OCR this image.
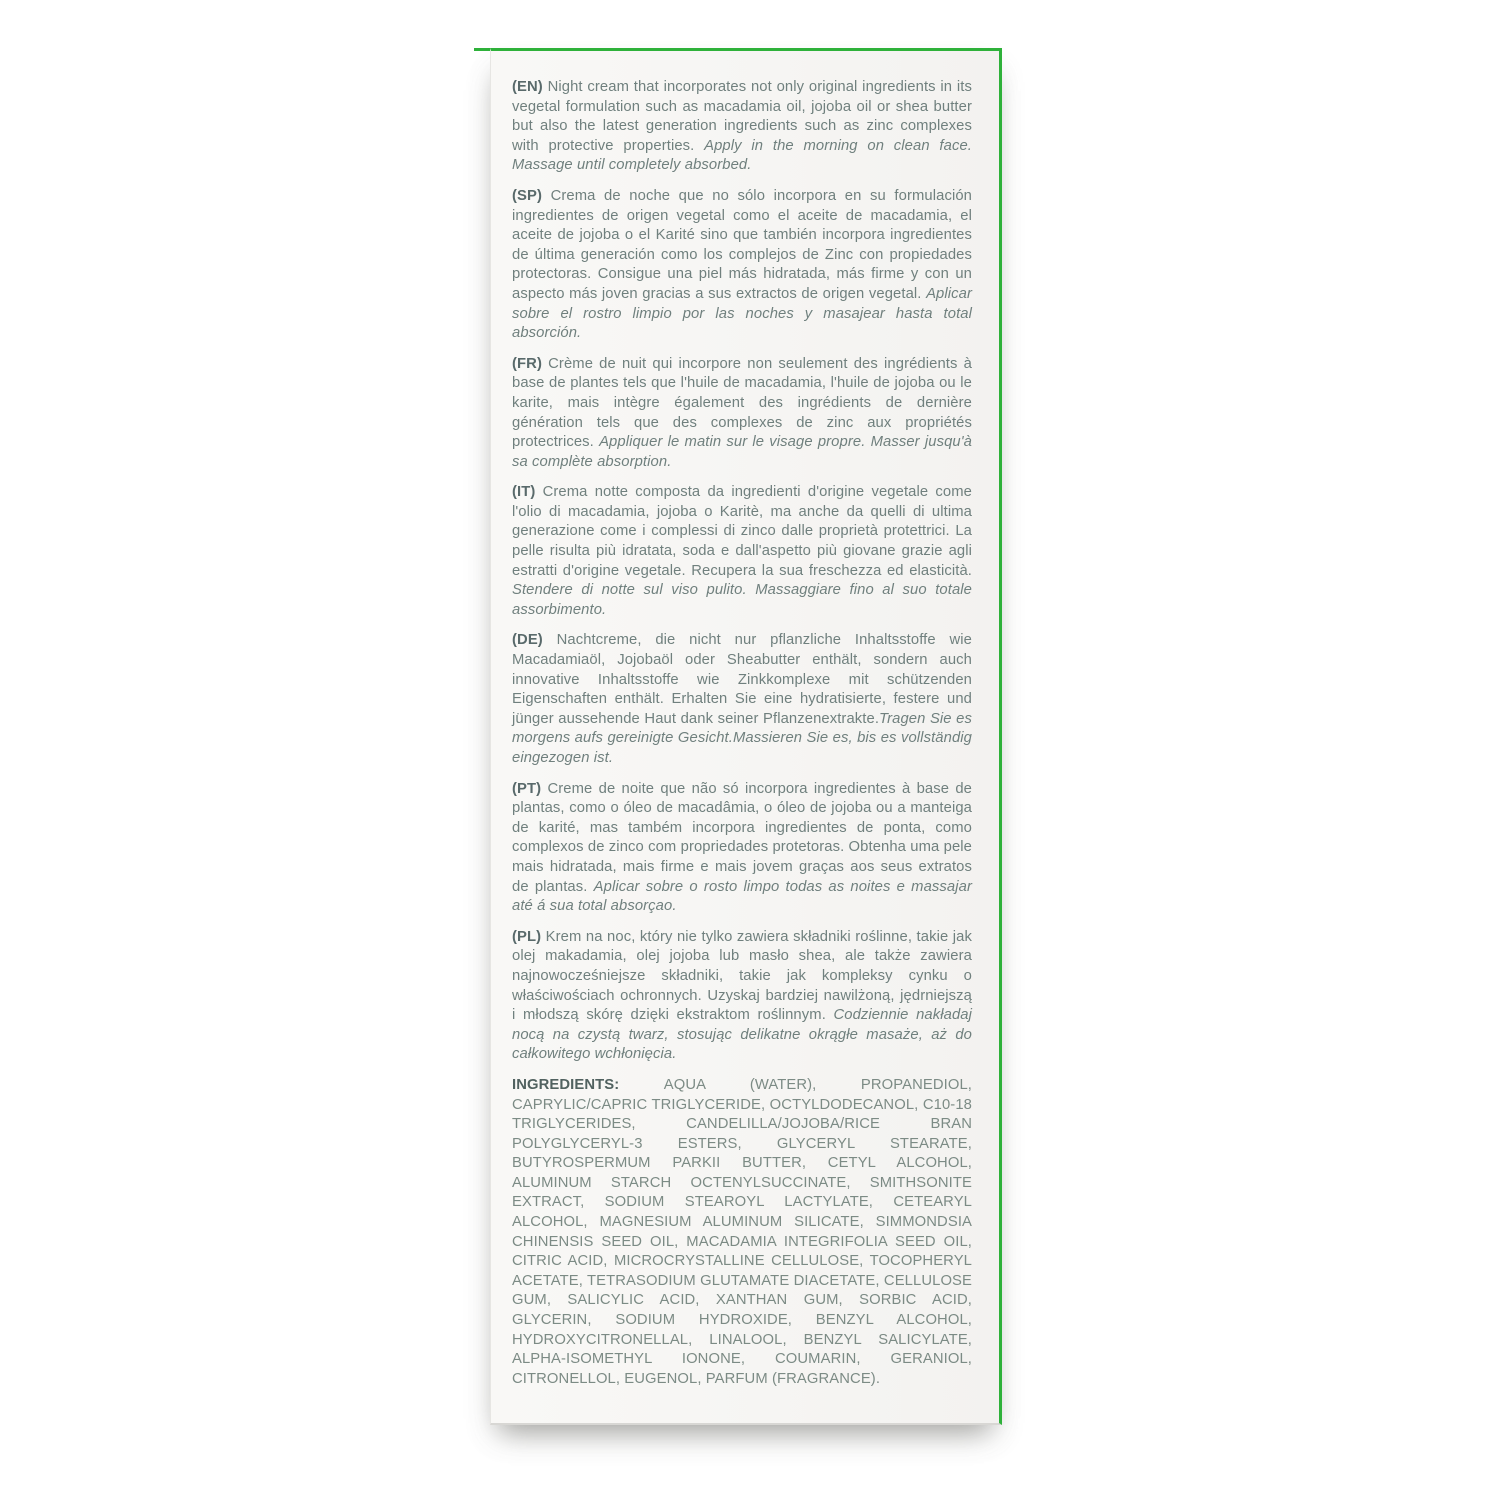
(EN) Night cream that incorporates not only original ingredients in its vegetal formulation such as macadamia oil, jojoba oil or shea butter but also the latest generation ingredients such as zinc complexes with protective properties. Apply in the morning on clean face. Massage until completely absorbed.

(SP) Crema de noche que no sólo incorpora en su formulación ingredientes de origen vegetal como el aceite de macadamia, el aceite de jojoba o el Karité sino que también incorpora ingredientes de última generación como los complejos de Zinc con propiedades protectoras. Consigue una piel más hidratada, más firme y con un aspecto más joven gracias a sus extractos de origen vegetal. Aplicar sobre el rostro limpio por las noches y masajear hasta total absorción.

(FR) Crème de nuit qui incorpore non seulement des ingrédients à base de plantes tels que l'huile de macadamia, l'huile de jojoba ou le karite, mais intègre également des ingrédients de dernière génération tels que des complexes de zinc aux propriétés protectrices. Appliquer le matin sur le visage propre. Masser jusqu'à sa complète absorption.

(IT) Crema notte composta da ingredienti d'origine vegetale come l'olio di macadamia, jojoba o Karitè, ma anche da quelli di ultima generazione come i complessi di zinco dalle proprietà protettrici. La pelle risulta più idratata, soda e dall'aspetto più giovane grazie agli estratti d'origine vegetale. Recupera la sua freschezza ed elasticità. Stendere di notte sul viso pulito. Massaggiare fino al suo totale assorbimento.

(DE) Nachtcreme, die nicht nur pflanzliche Inhaltsstoffe wie Macadamiaöl, Jojobaöl oder Sheabutter enthält, sondern auch innovative Inhaltsstoffe wie Zinkkomplexe mit schützenden Eigenschaften enthält. Erhalten Sie eine hydratisierte, festere und jünger aussehende Haut dank seiner Pflanzenextrakte.Tragen Sie es morgens aufs gereinigte Gesicht.Massieren Sie es, bis es vollständig eingezogen ist.

(PT) Creme de noite que não só incorpora ingredientes à base de plantas, como o óleo de macadâmia, o óleo de jojoba ou a manteiga de karité, mas também incorpora ingredientes de ponta, como complexos de zinco com propriedades protetoras. Obtenha uma pele mais hidratada, mais firme e mais jovem graças aos seus extratos de plantas. Aplicar sobre o rosto limpo todas as noites e massajar até á sua total absorçao.

(PL) Krem na noc, który nie tylko zawiera składniki roślinne, takie jak olej makadamia, olej jojoba lub masło shea, ale także zawiera najnowocześniejsze składniki, takie jak kompleksy cynku o właściwościach ochronnych. Uzyskaj bardziej nawilżoną, jędrniejszą i młodszą skórę dzięki ekstraktom roślinnym. Codziennie nakładaj nocą na czystą twarz, stosując delikatne okrągłe masaże, aż do całkowitego wchłonięcia.

INGREDIENTS: AQUA (WATER), PROPANEDIOL, CAPRYLIC/CAPRIC TRIGLYCERIDE, OCTYLDODECANOL, C10-18 TRIGLYCERIDES, CANDELILLA/JOJOBA/RICE BRAN POLYGLYCERYL-3 ESTERS, GLYCERYL STEARATE, BUTYROSPERMUM PARKII BUTTER, CETYL ALCOHOL, ALUMINUM STARCH OCTENYLSUCCINATE, SMITHSONITE EXTRACT, SODIUM STEAROYL LACTYLATE, CETEARYL ALCOHOL, MAGNESIUM ALUMINUM SILICATE, SIMMONDSIA CHINENSIS SEED OIL, MACADAMIA INTEGRIFOLIA SEED OIL, CITRIC ACID, MICROCRYSTALLINE CELLULOSE, TOCOPHERYL ACETATE, TETRASODIUM GLUTAMATE DIACETATE, CELLULOSE GUM, SALICYLIC ACID, XANTHAN GUM, SORBIC ACID, GLYCERIN, SODIUM HYDROXIDE, BENZYL ALCOHOL, HYDROXYCITRONELLAL, LINALOOL, BENZYL SALICYLATE, ALPHA-ISOMETHYL IONONE, COUMARIN, GERANIOL, CITRONELLOL, EUGENOL, PARFUM (FRAGRANCE).
